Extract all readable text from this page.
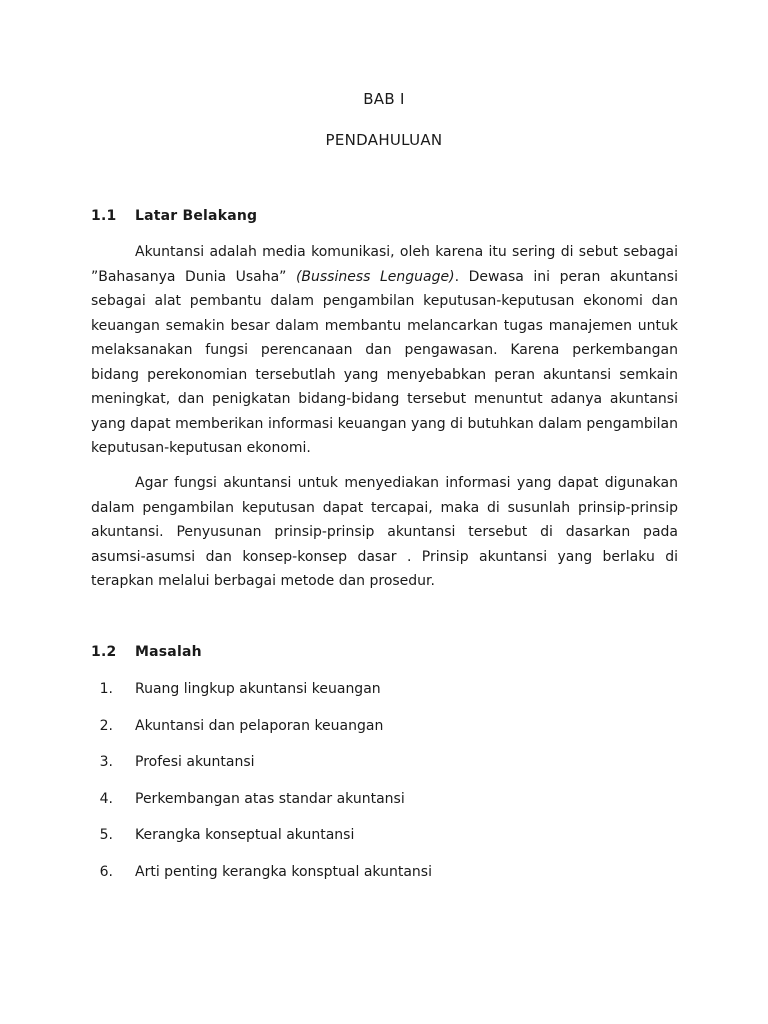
BAB I
PENDAHULUAN
1.1 Latar Belakang

Akuntansi adalah media komunikasi, oleh karena itu sering di sebut sebagai ”Bahasanya Dunia Usaha” (Bussiness Lenguage). Dewasa ini peran akuntansi sebagai alat pembantu dalam pengambilan keputusan-keputusan ekonomi dan keuangan semakin besar dalam membantu melancarkan tugas manajemen untuk melaksanakan fungsi perencanaan dan pengawasan. Karena perkembangan bidang perekonomian tersebutlah yang menyebabkan peran akuntansi semkain meningkat, dan penigkatan bidang-bidang tersebut menuntut adanya akuntansi yang dapat memberikan informasi keuangan yang di butuhkan dalam pengambilan keputusan-keputusan ekonomi.

Agar fungsi akuntansi untuk menyediakan informasi yang dapat digunakan dalam pengambilan keputusan dapat tercapai, maka di susunlah prinsip-prinsip akuntansi. Penyusunan prinsip-prinsip akuntansi tersebut di dasarkan pada asumsi-asumsi dan konsep-konsep dasar . Prinsip akuntansi yang berlaku di terapkan melalui berbagai metode dan prosedur.

1.2 Masalah
1. Ruang lingkup akuntansi keuangan
2. Akuntansi dan pelaporan keuangan
3. Profesi akuntansi
4. Perkembangan atas standar akuntansi
5. Kerangka konseptual akuntansi
6. Arti penting kerangka konsptual akuntansi
